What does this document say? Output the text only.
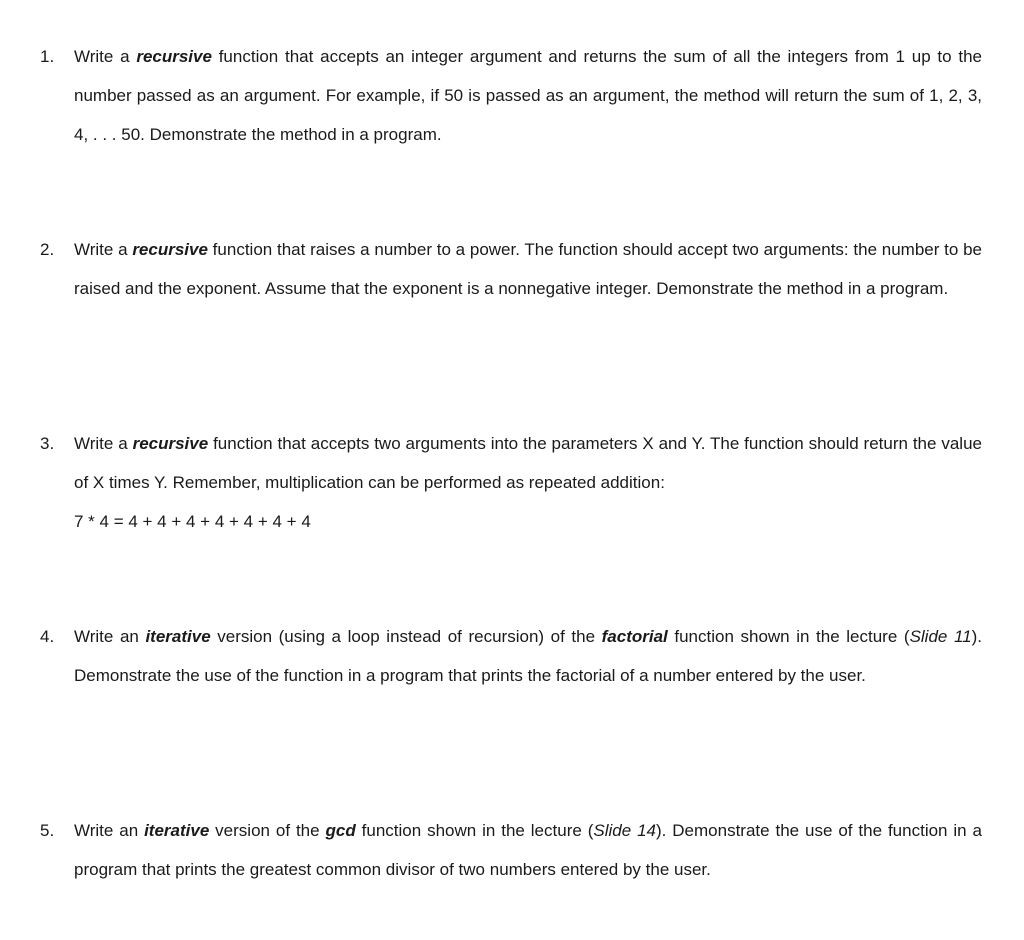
1. Write a recursive function that accepts an integer argument and returns the sum of all the integers from 1 up to the number passed as an argument. For example, if 50 is passed as an argument, the method will return the sum of 1, 2, 3, 4, . . . 50. Demonstrate the method in a program.
2. Write a recursive function that raises a number to a power. The function should accept two arguments: the number to be raised and the exponent. Assume that the exponent is a nonnegative integer. Demonstrate the method in a program.
3. Write a recursive function that accepts two arguments into the parameters X and Y. The function should return the value of X times Y. Remember, multiplication can be performed as repeated addition:
7 * 4 = 4 + 4 + 4 + 4 + 4 + 4 + 4
4. Write an iterative version (using a loop instead of recursion) of the factorial function shown in the lecture (Slide 11). Demonstrate the use of the function in a program that prints the factorial of a number entered by the user.
5. Write an iterative version of the gcd function shown in the lecture (Slide 14). Demonstrate the use of the function in a program that prints the greatest common divisor of two numbers entered by the user.
